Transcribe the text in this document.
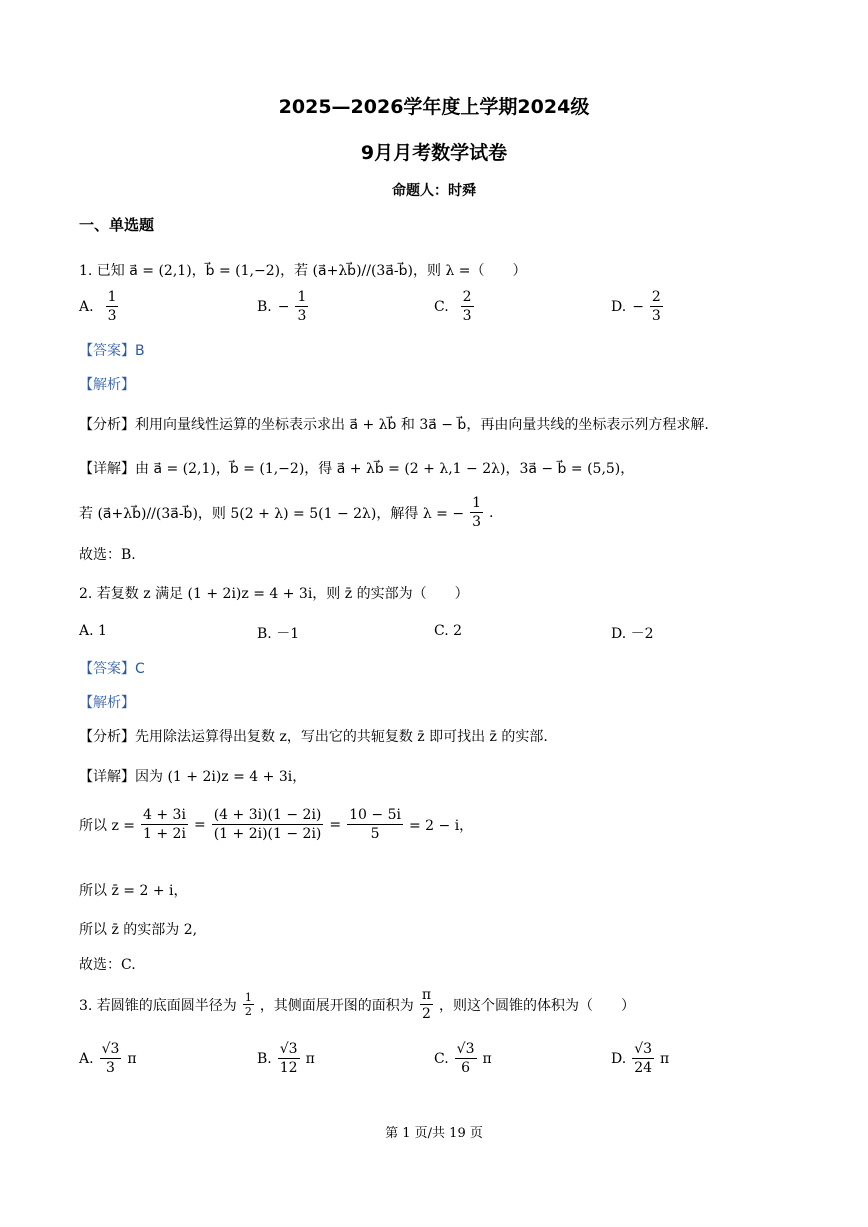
2025—2026学年度上学期2024级
9月月考数学试卷
命题人：时舜
一、单选题
1. 已知 a⃗ = (2,1)，b⃗ = (1,−2)，若 (a⃗+λb⃗)//(3a⃗-b⃗)，则 λ =（　　）
A. $\frac{1}{3}$	B. − $\frac{1}{3}$	C. $\frac{2}{3}$	D. − $\frac{2}{3}$
【答案】B
【解析】
【分析】利用向量线性运算的坐标表示求出 a⃗ + λb⃗ 和 3a⃗ − b⃗，再由向量共线的坐标表示列方程求解.
【详解】由 a⃗ = (2,1)，b⃗ = (1,−2)，得 a⃗ + λb⃗ = (2 + λ,1 − 2λ)，3a⃗ − b⃗ = (5,5)，
若 (a⃗+λb⃗)//(3a⃗-b⃗)，则 5(2 + λ) = 5(1 − 2λ)，解得 λ = − $\frac{1}{3}$ .
故选：B.
2. 若复数 z 满足 (1 + 2i)z = 4 + 3i，则 z̄ 的实部为（　　）
A. 1	B. －1	C. 2	D. －2
【答案】C
【解析】
【分析】先用除法运算得出复数 z，写出它的共轭复数 z̄ 即可找出 z̄ 的实部.
【详解】因为 (1 + 2i)z = 4 + 3i，
所以 $z = \frac{4 + 3i}{1 + 2i} = \frac{(4 + 3i)(1 - 2i)}{(1 + 2i)(1 - 2i)} = \frac{10 - 5i}{5} = 2 - i$，
所以 z̄ = 2 + i，
所以 z̄ 的实部为 2,
故选：C.
3. 若圆锥的底面圆半径为 $\frac{1}{2}$ ，其侧面展开图的面积为 $\frac{\pi}{2}$ ，则这个圆锥的体积为（　　）
A. $\frac{√3}{3}$ π	B. $\frac{√3}{12}$ π	C. $\frac{√3}{6}$ π	D. $\frac{√3}{24}$ π
第 1 页/共 19 页
